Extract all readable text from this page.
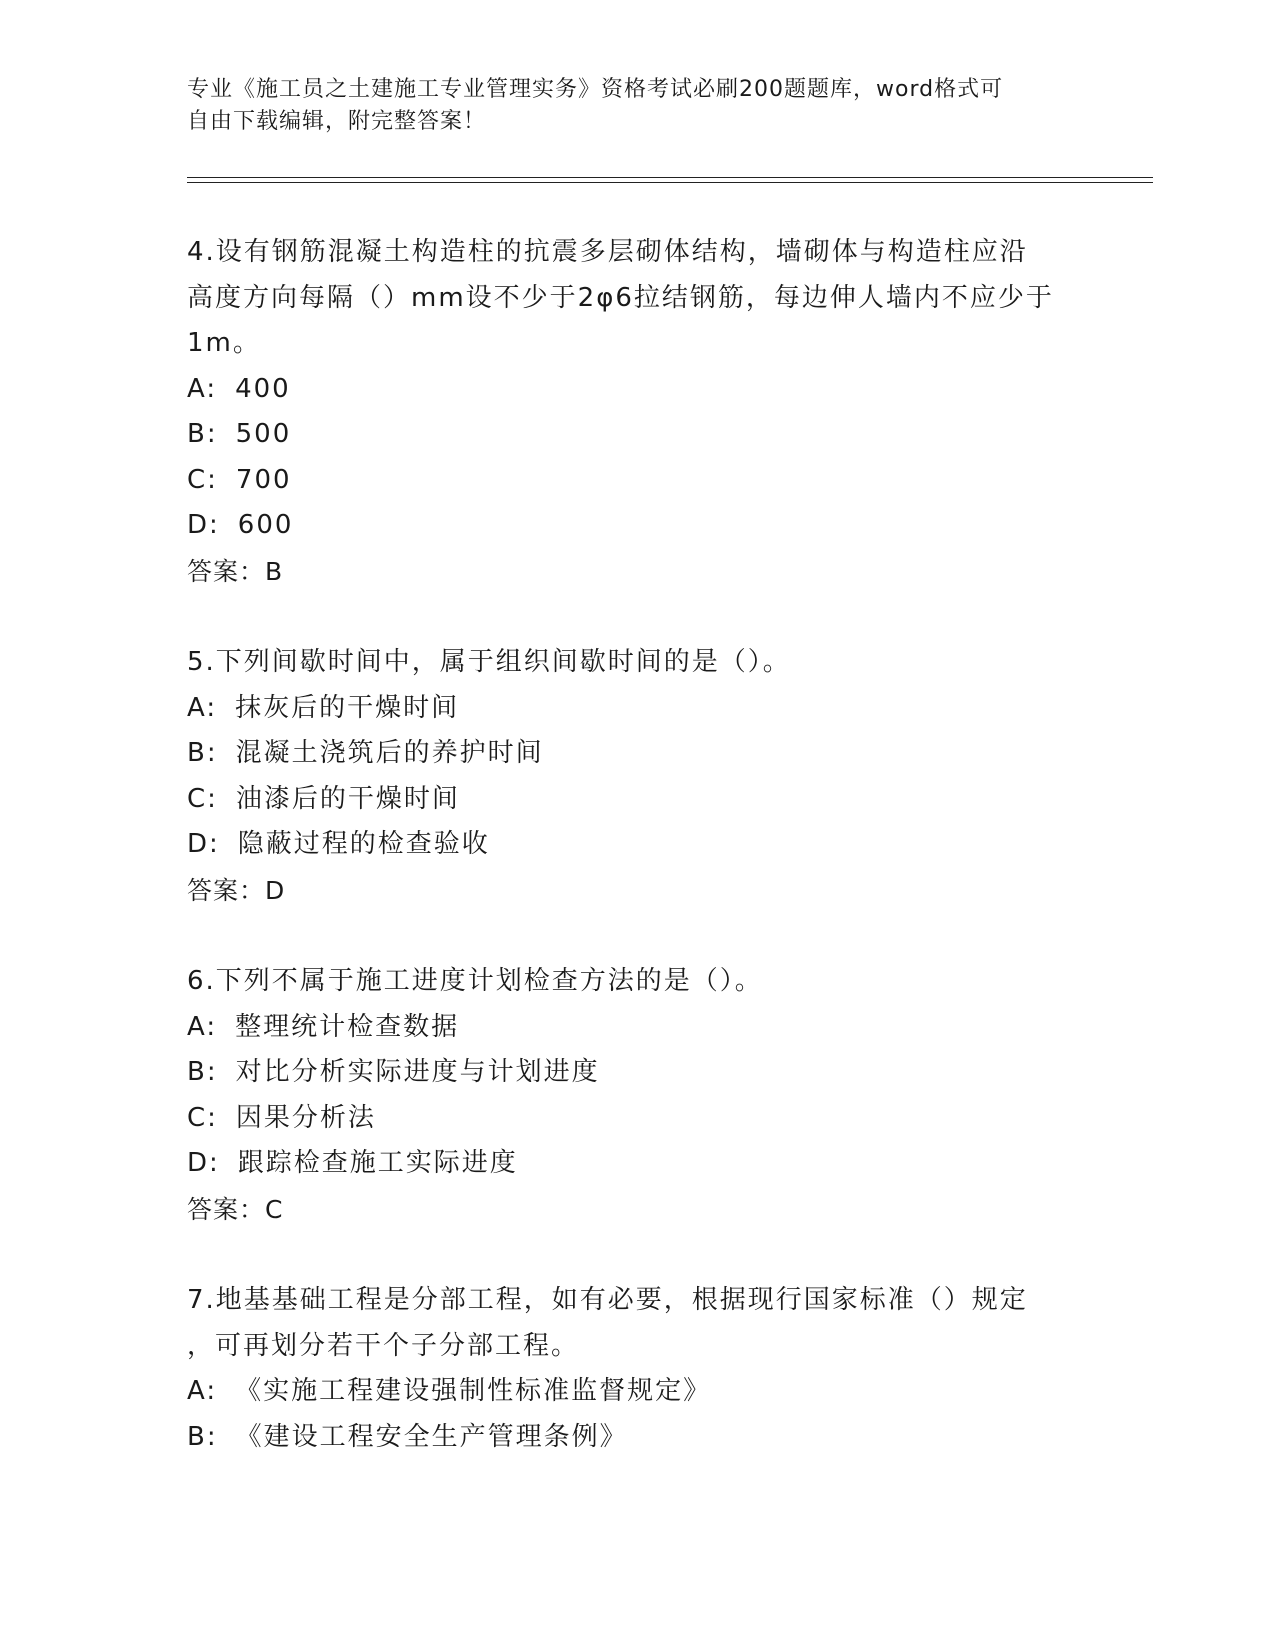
专业《施工员之土建施工专业管理实务》资格考试必刷200题题库，word格式可
自由下载编辑，附完整答案！
4.设有钢筋混凝土构造柱的抗震多层砌体结构，墙砌体与构造柱应沿
高度方向每隔（）mm设不少于2φ6拉结钢筋，每边伸人墙内不应少于
1m。
A: 400
B: 500
C: 700
D: 600
答案：B
5.下列间歇时间中，属于组织间歇时间的是（）。
A: 抹灰后的干燥时间
B: 混凝土浇筑后的养护时间
C: 油漆后的干燥时间
D: 隐蔽过程的检查验收
答案：D
6.下列不属于施工进度计划检查方法的是（）。
A: 整理统计检查数据
B: 对比分析实际进度与计划进度
C: 因果分析法
D: 跟踪检查施工实际进度
答案：C
7.地基基础工程是分部工程，如有必要，根据现行国家标准（）规定
，可再划分若干个子分部工程。
A: 《实施工程建设强制性标准监督规定》
B: 《建设工程安全生产管理条例》
